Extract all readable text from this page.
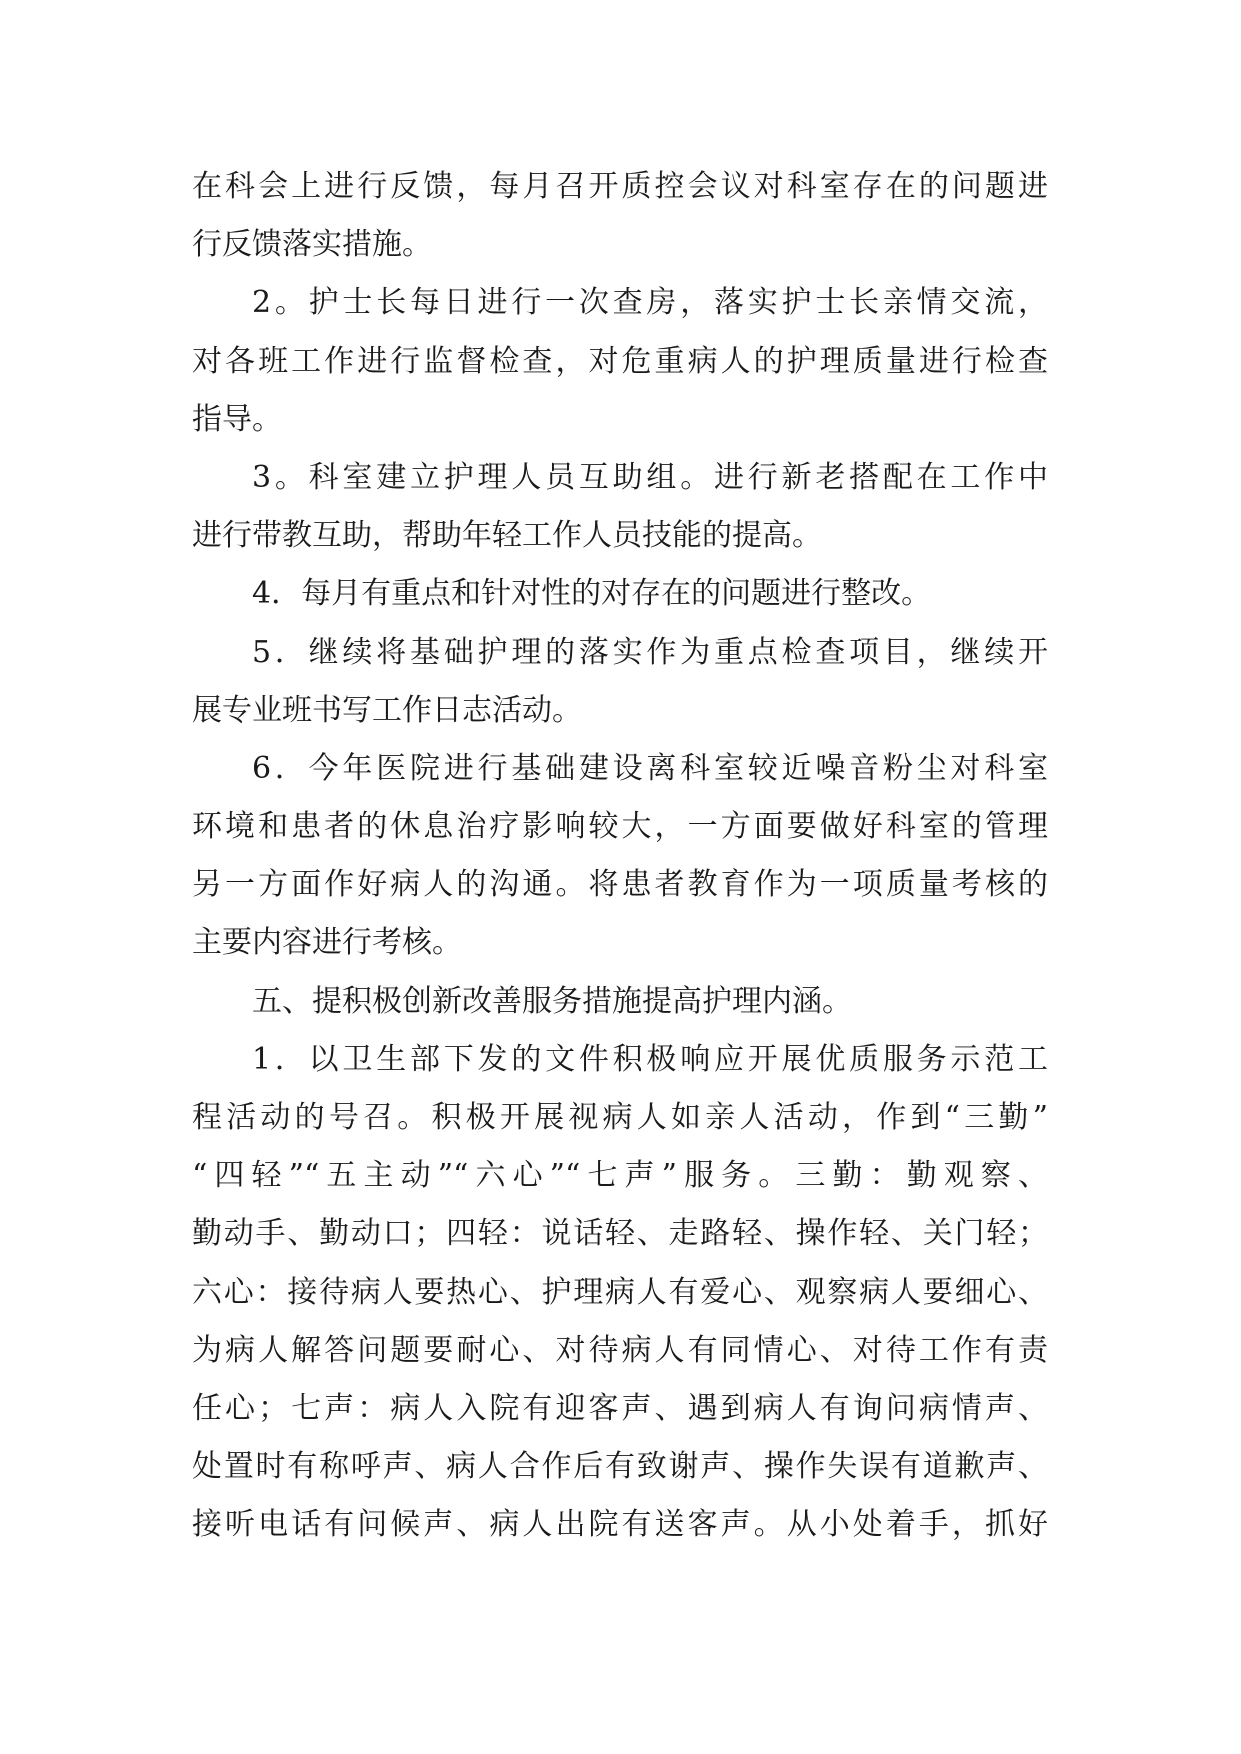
在科会上进行反馈，每月召开质控会议对科室存在的问题进
行反馈落实措施。
2。护士长每日进行一次查房，落实护士长亲情交流，
对各班工作进行监督检查，对危重病人的护理质量进行检查
指导。
3。科室建立护理人员互助组。进行新老搭配在工作中
进行带教互助，帮助年轻工作人员技能的提高。
4．每月有重点和针对性的对存在的问题进行整改。
5．继续将基础护理的落实作为重点检查项目，继续开
展专业班书写工作日志活动。
6．今年医院进行基础建设离科室较近噪音粉尘对科室
环境和患者的休息治疗影响较大，一方面要做好科室的管理
另一方面作好病人的沟通。将患者教育作为一项质量考核的
主要内容进行考核。
五、提积极创新改善服务措施提高护理内涵。
1．以卫生部下发的文件积极响应开展优质服务示范工
程活动的号召。积极开展视病人如亲人活动，作到“三勤”
“四轻”“五主动”“六心”“七声”服务。三勤：勤观察、
勤动手、勤动口；四轻：说话轻、走路轻、操作轻、关门轻；
六心：接待病人要热心、护理病人有爱心、观察病人要细心、
为病人解答问题要耐心、对待病人有同情心、对待工作有责
任心；七声：病人入院有迎客声、遇到病人有询问病情声、
处置时有称呼声、病人合作后有致谢声、操作失误有道歉声、
接听电话有问候声、病人出院有送客声。从小处着手，抓好
